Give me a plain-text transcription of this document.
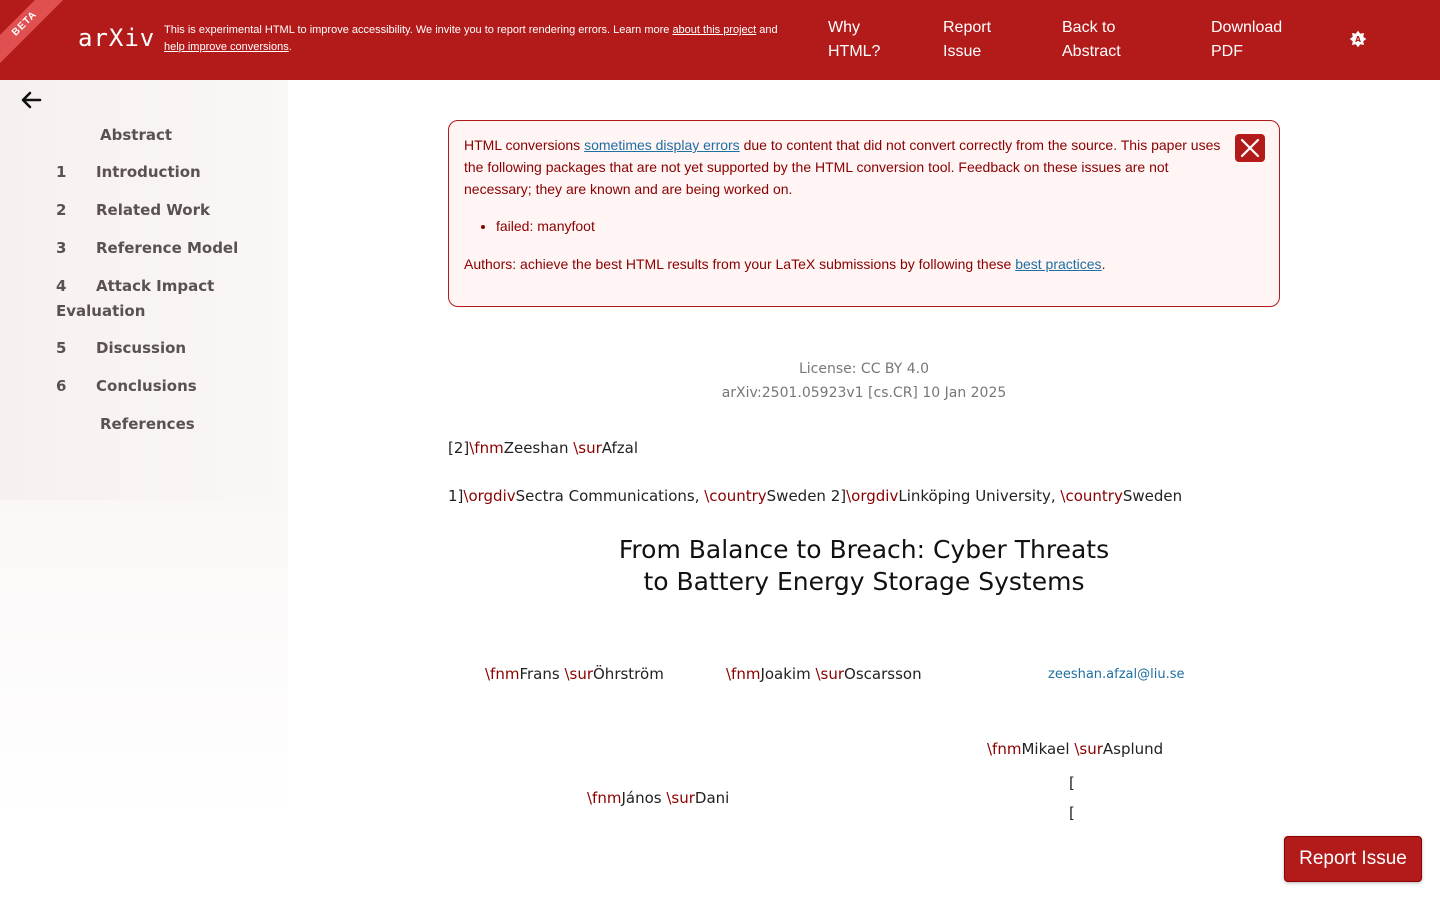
BETA	arXiv This is experimental HTML to improve accessibility. We invite you to report rendering errors. Learn more about this project and
help improve conversions.
Why
HTML?
Report
Issue
Back to
Abstract
Download
PDF
A
Abstract
1 Introduction
2 Related Work
3 Reference Model
4 Attack Impact
Evaluation
5 Discussion
6 Conclusions
References

HTML conversions sometimes display errors due to content that did not convert correctly from the source. This paper uses the following packages that are not yet supported by the HTML conversion tool. Feedback on these issues are not necessary; they are known and are being worked on.

• failed: manyfoot

Authors: achieve the best HTML results from your LaTeX submissions by following these best practices.

License: CC BY 4.0
arXiv:2501.05923v1 [cs.CR] 10 Jan 2025
[2]\fnmZeeshan \surAfzal
1]\orgdivSectra Communications, \countrySweden 2]\orgdivLinköping University, \countrySweden
From Balance to Breach: Cyber Threats
to Battery Energy Storage Systems
\fnmFrans \surÖhrström	\fnmJoakim \surOscarsson	zeeshan.afzal@liu.se
\fnmMikael \surAsplund
[
[
\fnmJános \surDani
Report Issue
